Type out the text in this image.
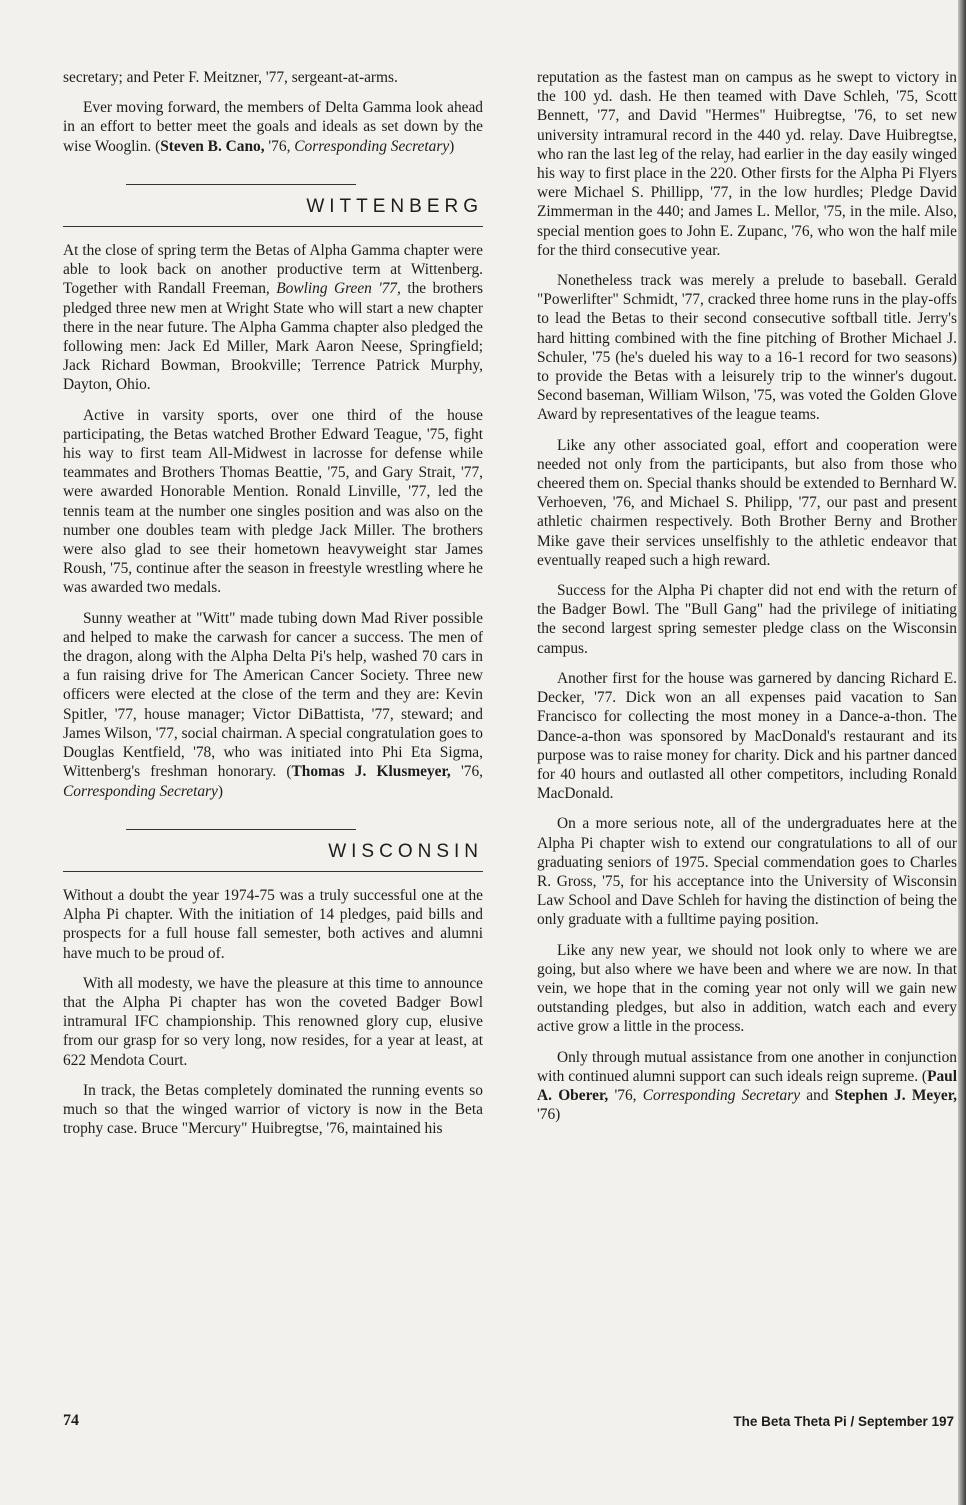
secretary; and Peter F. Meitzner, '77, sergeant-at-arms.

Ever moving forward, the members of Delta Gamma look ahead in an effort to better meet the goals and ideals as set down by the wise Wooglin. (Steven B. Cano, '76, Corresponding Secretary)

WITTENBERG

At the close of spring term the Betas of Alpha Gamma chapter were able to look back on another productive term at Wittenberg. Together with Randall Freeman, Bowling Green '77, the brothers pledged three new men at Wright State who will start a new chapter there in the near future. The Alpha Gamma chapter also pledged the following men: Jack Ed Miller, Mark Aaron Neese, Springfield; Jack Richard Bowman, Brookville; Terrence Patrick Murphy, Dayton, Ohio.

Active in varsity sports, over one third of the house participating, the Betas watched Brother Edward Teague, '75, fight his way to first team All-Midwest in lacrosse for defense while teammates and Brothers Thomas Beattie, '75, and Gary Strait, '77, were awarded Honorable Mention. Ronald Linville, '77, led the tennis team at the number one singles position and was also on the number one doubles team with pledge Jack Miller. The brothers were also glad to see their hometown heavyweight star James Roush, '75, continue after the season in freestyle wrestling where he was awarded two medals.

Sunny weather at "Witt" made tubing down Mad River possible and helped to make the carwash for cancer a success. The men of the dragon, along with the Alpha Delta Pi's help, washed 70 cars in a fun raising drive for The American Cancer Society. Three new officers were elected at the close of the term and they are: Kevin Spitler, '77, house manager; Victor DiBattista, '77, steward; and James Wilson, '77, social chairman. A special congratulation goes to Douglas Kentfield, '78, who was initiated into Phi Eta Sigma, Wittenberg's freshman honorary. (Thomas J. Klusmeyer, '76, Corresponding Secretary)

WISCONSIN

Without a doubt the year 1974-75 was a truly successful one at the Alpha Pi chapter. With the initiation of 14 pledges, paid bills and prospects for a full house fall semester, both actives and alumni have much to be proud of.

With all modesty, we have the pleasure at this time to announce that the Alpha Pi chapter has won the coveted Badger Bowl intramural IFC championship. This renowned glory cup, elusive from our grasp for so very long, now resides, for a year at least, at 622 Mendota Court.

In track, the Betas completely dominated the running events so much so that the winged warrior of victory is now in the Beta trophy case. Bruce "Mercury" Huibregtse, '76, maintained his

reputation as the fastest man on campus as he swept to victory in the 100 yd. dash. He then teamed with Dave Schleh, '75, Scott Bennett, '77, and David "Hermes" Huibregtse, '76, to set new university intramural record in the 440 yd. relay. Dave Huibregtse, who ran the last leg of the relay, had earlier in the day easily winged his way to first place in the 220. Other firsts for the Alpha Pi Flyers were Michael S. Phillipp, '77, in the low hurdles; Pledge David Zimmerman in the 440; and James L. Mellor, '75, in the mile. Also, special mention goes to John E. Zupanc, '76, who won the half mile for the third consecutive year.

Nonetheless track was merely a prelude to baseball. Gerald "Powerlifter" Schmidt, '77, cracked three home runs in the play-offs to lead the Betas to their second consecutive softball title. Jerry's hard hitting combined with the fine pitching of Brother Michael J. Schuler, '75 (he's dueled his way to a 16-1 record for two seasons) to provide the Betas with a leisurely trip to the winner's dugout. Second baseman, William Wilson, '75, was voted the Golden Glove Award by representatives of the league teams.

Like any other associated goal, effort and cooperation were needed not only from the participants, but also from those who cheered them on. Special thanks should be extended to Bernhard W. Verhoeven, '76, and Michael S. Philipp, '77, our past and present athletic chairmen respectively. Both Brother Berny and Brother Mike gave their services unselfishly to the athletic endeavor that eventually reaped such a high reward.

Success for the Alpha Pi chapter did not end with the return of the Badger Bowl. The "Bull Gang" had the privilege of initiating the second largest spring semester pledge class on the Wisconsin campus.

Another first for the house was garnered by dancing Richard E. Decker, '77. Dick won an all expenses paid vacation to San Francisco for collecting the most money in a Dance-a-thon. The Dance-a-thon was sponsored by MacDonald's restaurant and its purpose was to raise money for charity. Dick and his partner danced for 40 hours and outlasted all other competitors, including Ronald MacDonald.

On a more serious note, all of the undergraduates here at the Alpha Pi chapter wish to extend our congratulations to all of our graduating seniors of 1975. Special commendation goes to Charles R. Gross, '75, for his acceptance into the University of Wisconsin Law School and Dave Schleh for having the distinction of being the only graduate with a fulltime paying position.

Like any new year, we should not look only to where we are going, but also where we have been and where we are now. In that vein, we hope that in the coming year not only will we gain new outstanding pledges, but also in addition, watch each and every active grow a little in the process.

Only through mutual assistance from one another in conjunction with continued alumni support can such ideals reign supreme. (Paul A. Oberer, '76, Corresponding Secretary and Stephen J. Meyer, '76)

74	The Beta Theta Pi / September 197
